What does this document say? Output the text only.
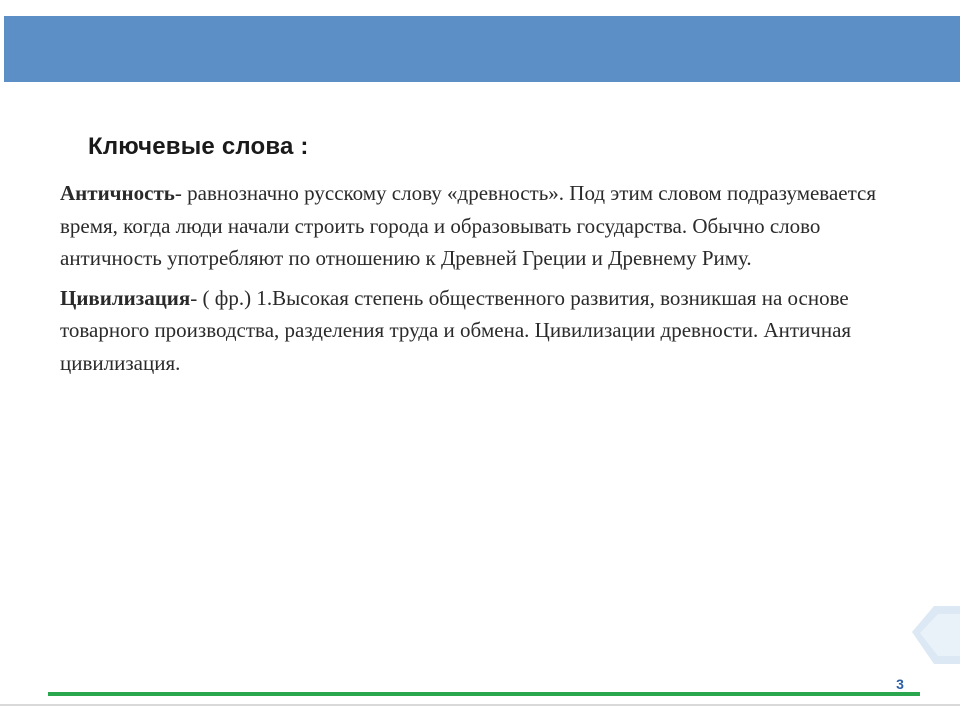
Ключевые слова :

Античность- равнозначно русскому слову «древность». Под этим словом подразумевается время, когда люди начали строить города и образовывать государства. Обычно слово античность употребляют по отношению к Древней Греции и Древнему Риму.

Цивилизация- ( фр.) 1.Высокая степень общественного развития, возникшая на основе товарного производства, разделения труда и обмена. Цивилизации древности. Античная цивилизация.

3
